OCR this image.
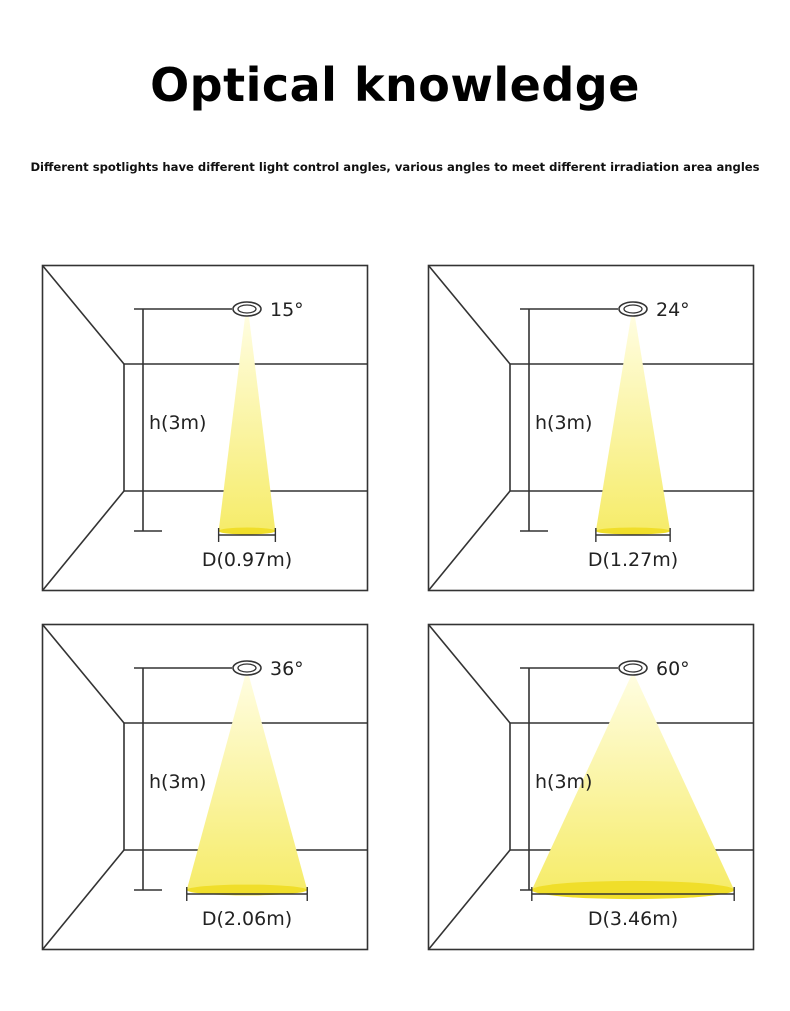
Optical knowledge
Different spotlights have different light control angles, various angles to meet different irradiation area angles
15°
h(3m)
D(0.97m)
24°
h(3m)
D(1.27m)
36°
h(3m)
D(2.06m)
60°
h(3m)
D(3.46m)
